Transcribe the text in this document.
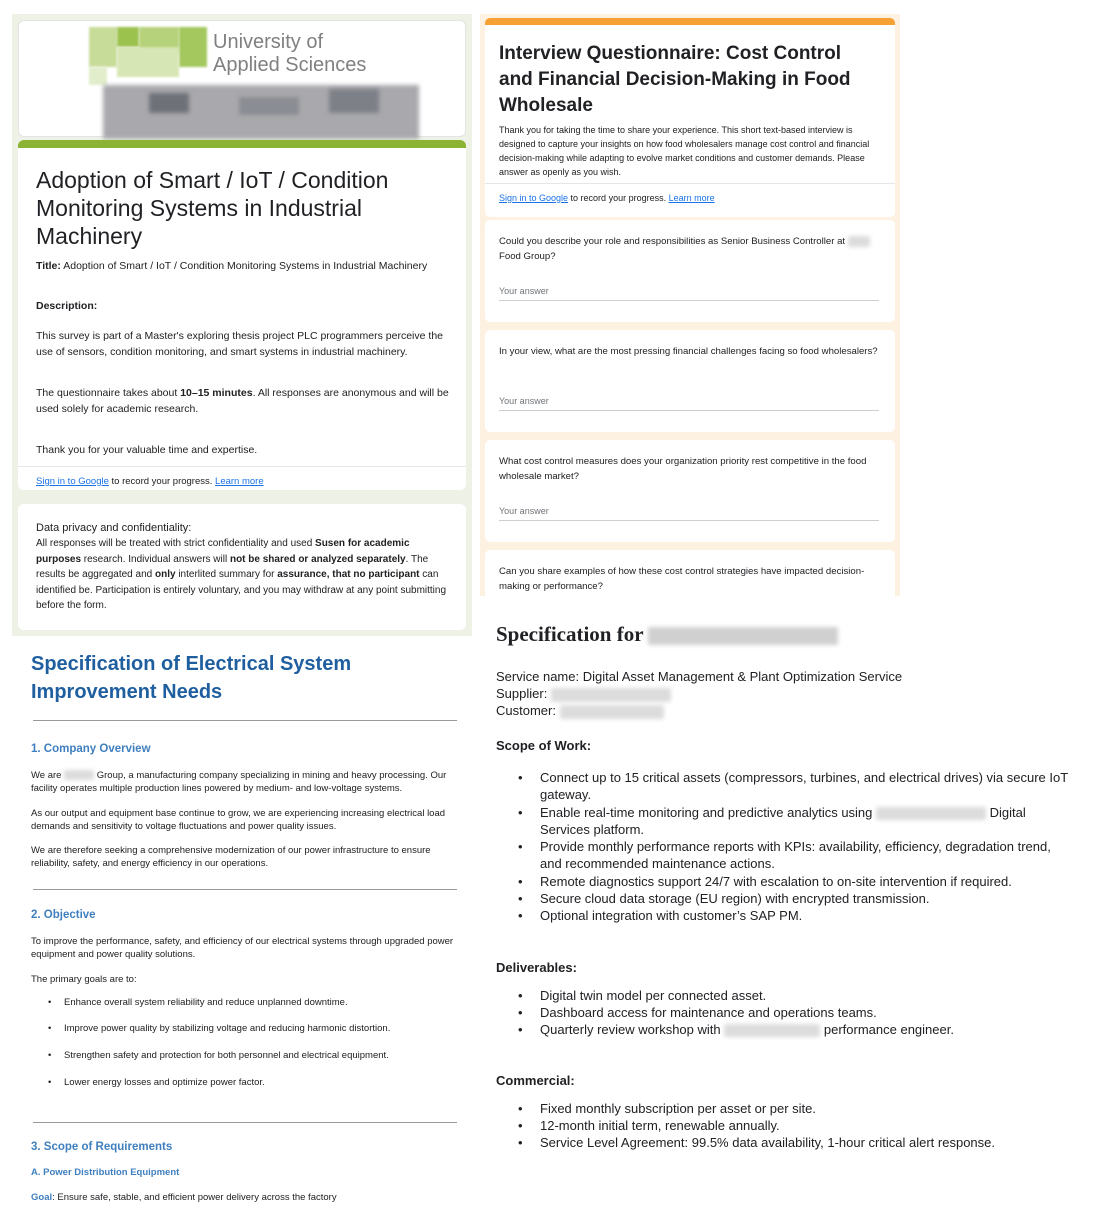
University of
Applied Sciences
Adoption of Smart / IoT / Condition Monitoring Systems in Industrial Machinery
Title: Adoption of Smart / IoT / Condition Monitoring Systems in Industrial Machinery
Description:
This survey is part of a Master's exploring thesis project PLC programmers perceive the use of sensors, condition monitoring, and smart systems in industrial machinery.
The questionnaire takes about 10–15 minutes. All responses are anonymous and will be used solely for academic research.
Thank you for your valuable time and expertise.
Sign in to Google to record your progress. Learn more
Data privacy and confidentiality:
All responses will be treated with strict confidentiality and used Susen for academic purposes research. Individual answers will not be shared or analyzed separately. The results be aggregated and only interlited summary for assurance, that no participant can identified be. Participation is entirely voluntary, and you may withdraw at any point submitting before the form.
Interview Questionnaire: Cost Control and Financial Decision-Making in Food Wholesale
Thank you for taking the time to share your experience. This short text-based interview is designed to capture your insights on how food wholesalers manage cost control and financial decision-making while adapting to evolve market conditions and customer demands. Please answer as openly as you wish.
Sign in to Google to record your progress. Learn more
Could you describe your role and responsibilities as Senior Business Controller at  Food Group?
Your answer
In your view, what are the most pressing financial challenges facing so food wholesalers?
Your answer
What cost control measures does your organization priority rest competitive in the food wholesale market?
Your answer
Can you share examples of how these cost control strategies have impacted decision-making or performance?
Specification of Electrical System Improvement Needs
1. Company Overview
We are	Group, a manufacturing company specializing in mining and heavy processing. Our facility operates multiple production lines powered by medium- and low-voltage systems.
As our output and equipment base continue to grow, we are experiencing increasing electrical load demands and sensitivity to voltage fluctuations and power quality issues.
We are therefore seeking a comprehensive modernization of our power infrastructure to ensure reliability, safety, and energy efficiency in our operations.
2. Objective
To improve the performance, safety, and efficiency of our electrical systems through upgraded power equipment and power quality solutions.
The primary goals are to:
• Enhance overall system reliability and reduce unplanned downtime.
• Improve power quality by stabilizing voltage and reducing harmonic distortion.
• Strengthen safety and protection for both personnel and electrical equipment.
• Lower energy losses and optimize power factor.
3. Scope of Requirements
A. Power Distribution Equipment
Goal: Ensure safe, stable, and efficient power delivery across the factory
Specification for
Service name: Digital Asset Management & Plant Optimization Service
Supplier:
Customer:
Scope of Work:
• Connect up to 15 critical assets (compressors, turbines, and electrical drives) via secure IoT gateway.
• Enable real-time monitoring and predictive analytics using	Digital Services platform.
• Provide monthly performance reports with KPIs: availability, efficiency, degradation trend, and recommended maintenance actions.
• Remote diagnostics support 24/7 with escalation to on-site intervention if required.
• Secure cloud data storage (EU region) with encrypted transmission.
• Optional integration with customer’s SAP PM.
Deliverables:
• Digital twin model per connected asset.
• Dashboard access for maintenance and operations teams.
• Quarterly review workshop with	performance engineer.
Commercial:
• Fixed monthly subscription per asset or per site.
• 12-month initial term, renewable annually.
• Service Level Agreement: 99.5% data availability, 1-hour critical alert response.
